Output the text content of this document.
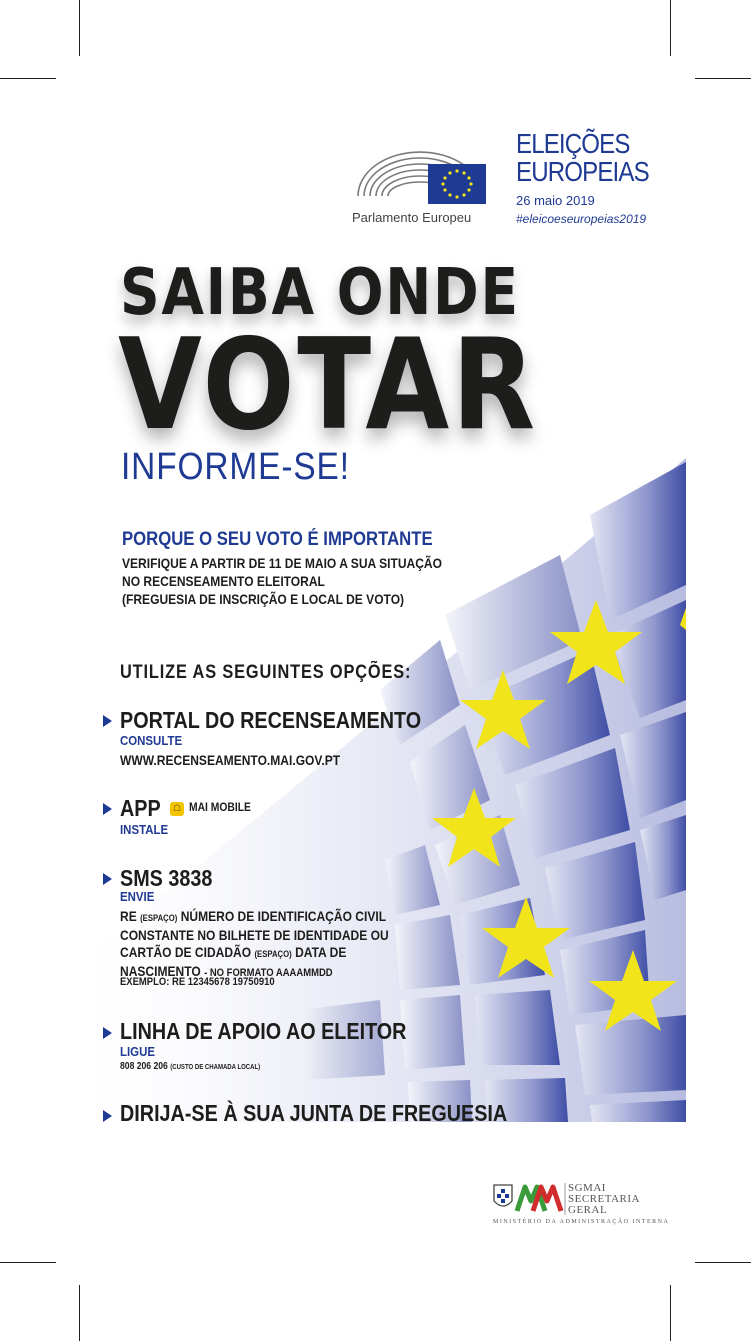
Parlamento Europeu
ELEIÇÕES
EUROPEIAS
26 maio 2019
#eleicoeseuropeias2019
SAIBA ONDE
VOTAR
INFORME-SE!
PORQUE O SEU VOTO É IMPORTANTE
VERIFIQUE A PARTIR DE 11 DE MAIO A SUA SITUAÇÃO
NO RECENSEAMENTO ELEITORAL
(FREGUESIA DE INSCRIÇÃO E LOCAL DE VOTO)
UTILIZE AS SEGUINTES OPÇÕES:
PORTAL DO RECENSEAMENTO
CONSULTE
WWW.RECENSEAMENTO.MAI.GOV.PT
APP	☖ MAI MOBILE
INSTALE
SMS 3838
ENVIE
RE (ESPAÇO) NÚMERO DE IDENTIFICAÇÃO CIVIL
CONSTANTE NO BILHETE DE IDENTIDADE OU
CARTÃO DE CIDADÃO (ESPAÇO) DATA DE
NASCIMENTO - NO FORMATO AAAAMMDD
EXEMPLO: RE 12345678 19750910
LINHA DE APOIO AO ELEITOR
LIGUE
808 206 206 (CUSTO DE CHAMADA LOCAL)
DIRIJA-SE À SUA JUNTA DE FREGUESIA
SGMAI
SECRETARIA
GERAL
MINISTÉRIO DA ADMINISTRAÇÃO INTERNA
